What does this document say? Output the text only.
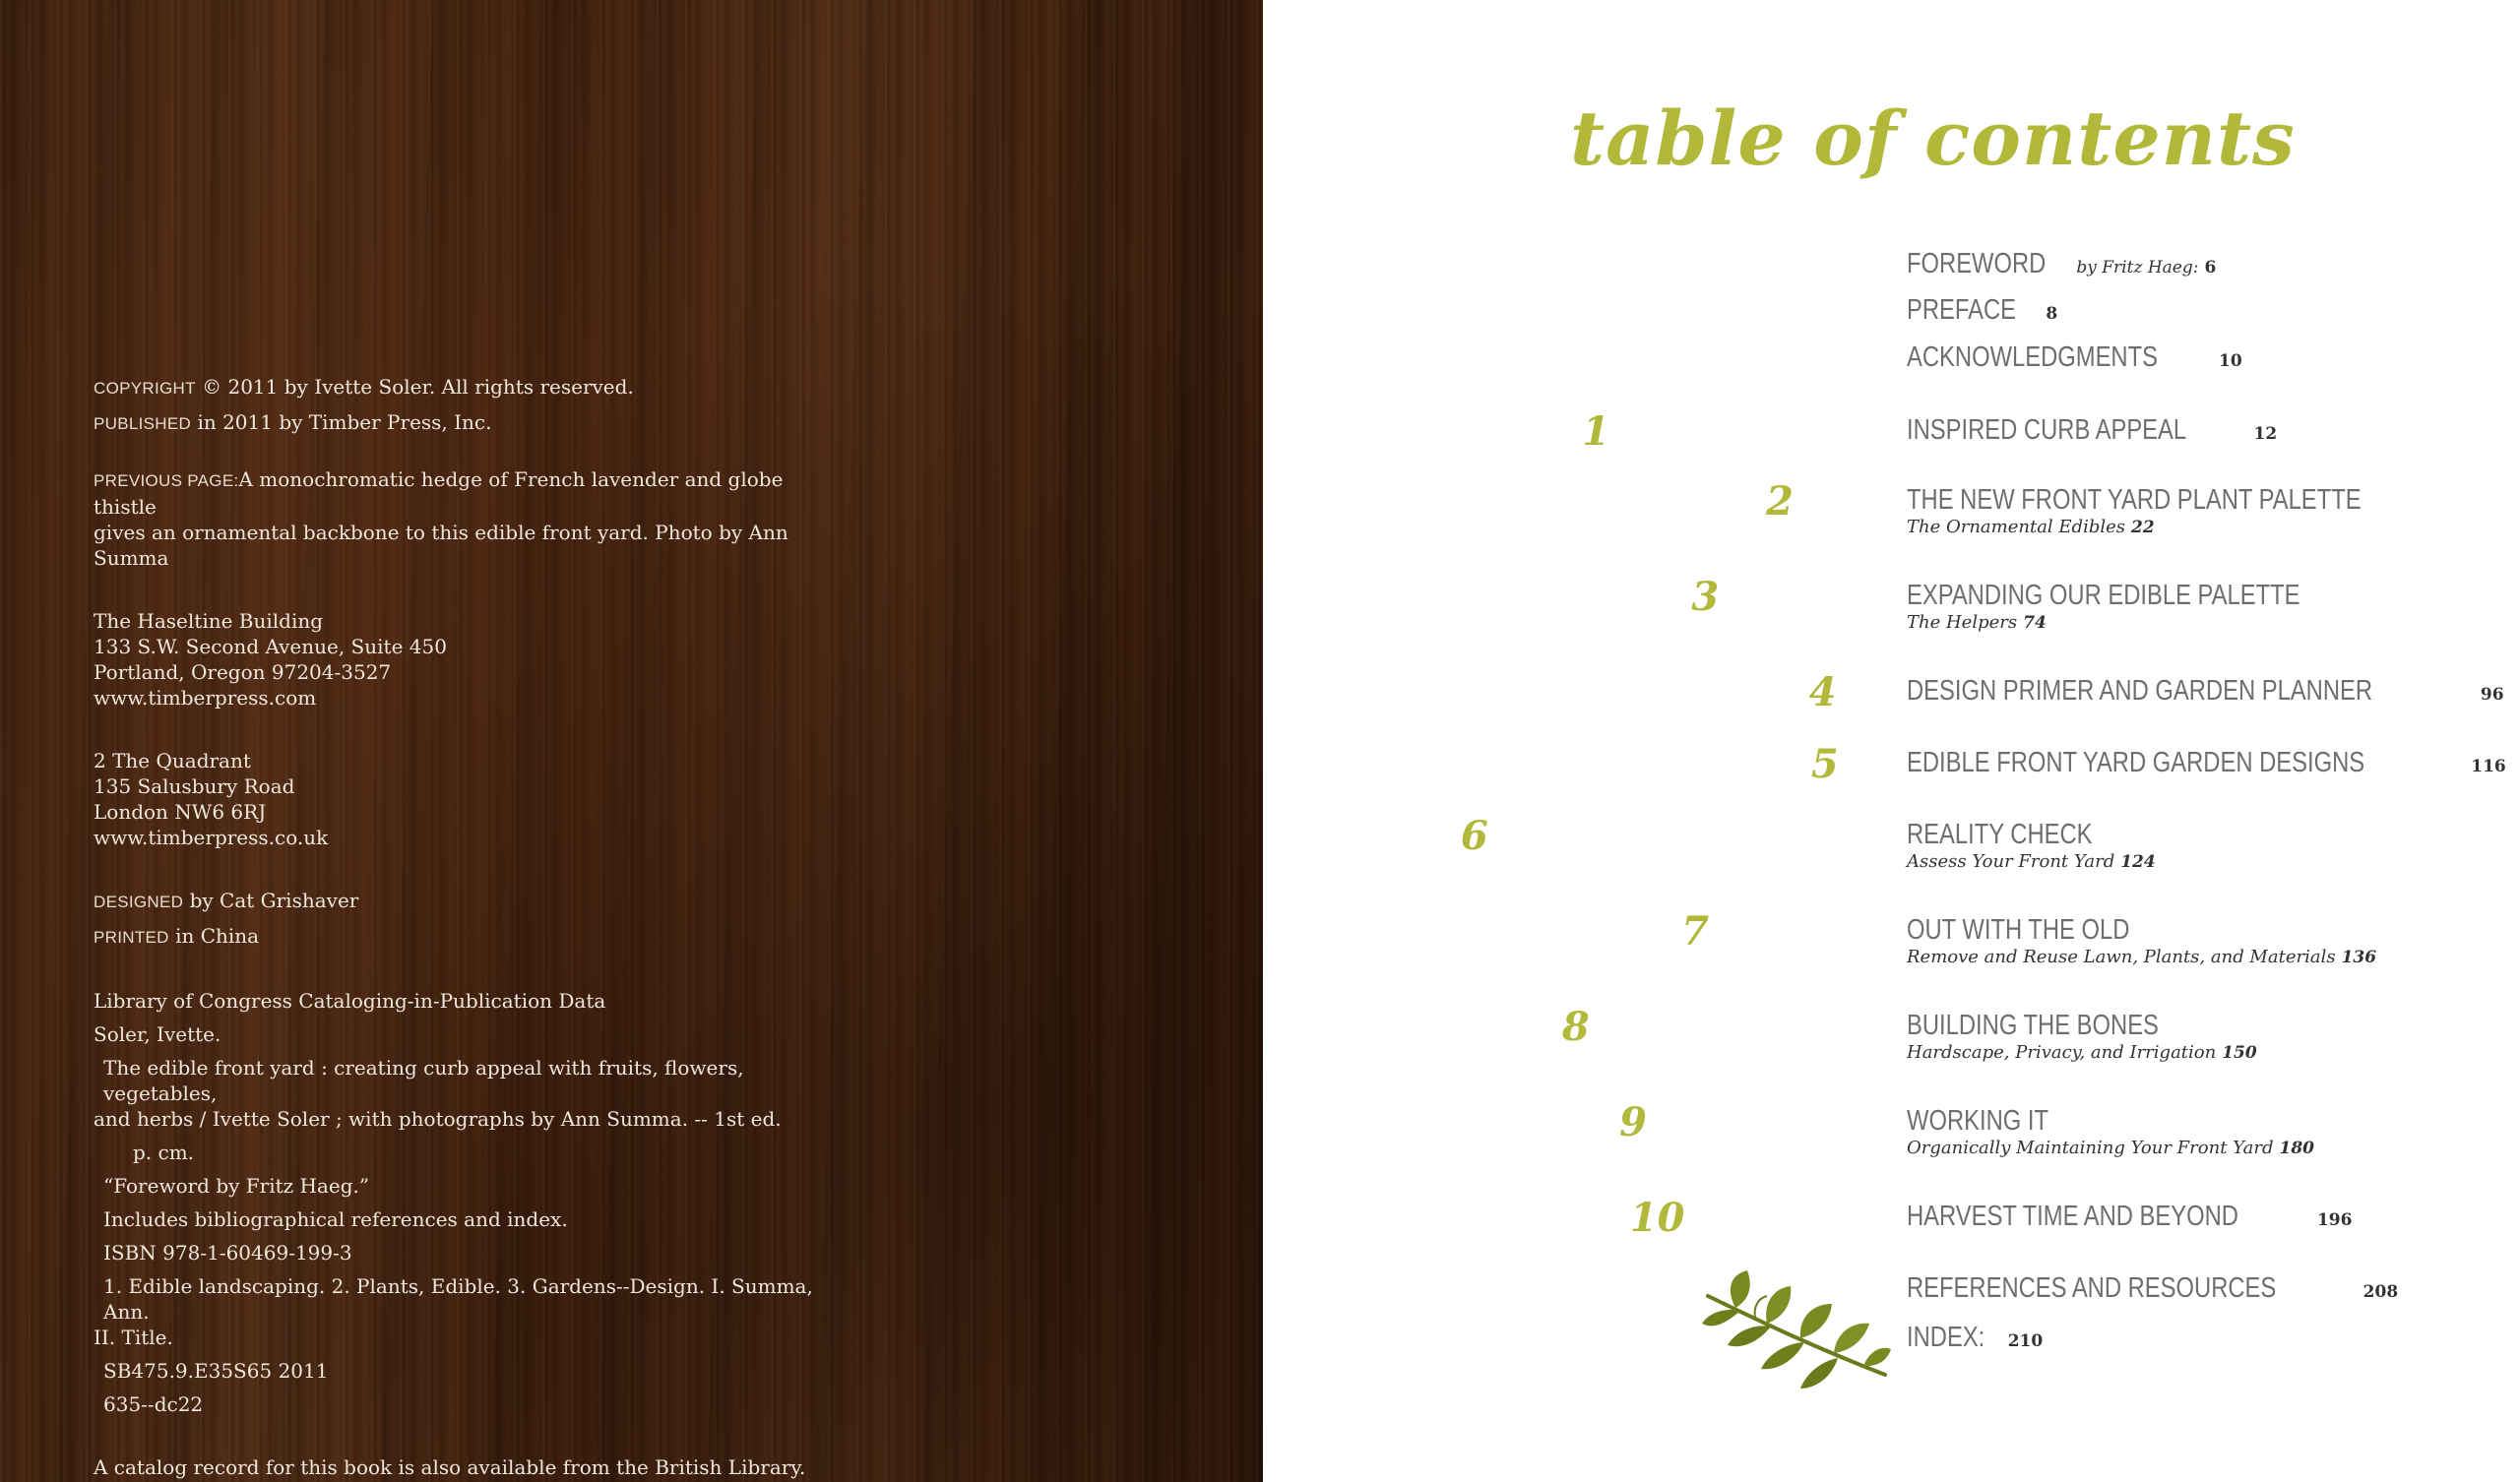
COPYRIGHT © 2011 by Ivette Soler. All rights reserved.

PUBLISHED in 2011 by Timber Press, Inc.

PREVIOUS PAGE:A monochromatic hedge of French lavender and globe thistle

gives an ornamental backbone to this edible front yard. Photo by Ann Summa

The Haseltine Building

133 S.W. Second Avenue, Suite 450

Portland, Oregon 97204-3527

www.timberpress.com

2 The Quadrant

135 Salusbury Road

London NW6 6RJ

www.timberpress.co.uk

DESIGNED by Cat Grishaver

PRINTED in China

Library of Congress Cataloging-in-Publication Data

Soler, Ivette.

The edible front yard : creating curb appeal with fruits, flowers, vegetables,

and herbs / Ivette Soler ; with photographs by Ann Summa. -- 1st ed.

p. cm.

“Foreword by Fritz Haeg.”

Includes bibliographical references and index.

ISBN 978-1-60469-199-3

1. Edible landscaping. 2. Plants, Edible. 3. Gardens--Design. I. Summa, Ann.

II. Title.

SB475.9.E35S65 2011

635--dc22

A catalog record for this book is also available from the British Library.

table of contents
FOREWORD by Fritz Haeg: 6
PREFACE 8
ACKNOWLEDGMENTS	10
1	INSPIRED CURB APPEAL	12
2	THE NEW FRONT YARD PLANT PALETTE
The Ornamental Edibles 22
3	EXPANDING OUR EDIBLE PALETTE
The Helpers 74
4 DESIGN PRIMER AND GARDEN PLANNER	96
5 EDIBLE FRONT YARD GARDEN DESIGNS	116
6	REALITY CHECK
Assess Your Front Yard 124
7	OUT WITH THE OLD
Remove and Reuse Lawn, Plants, and Materials 136
8	BUILDING THE BONES
Hardscape, Privacy, and Irrigation 150
9	WORKING IT
Organically Maintaining Your Front Yard 180
10	HARVEST TIME AND BEYOND	196
REFERENCES AND RESOURCES	208
INDEX: 210
